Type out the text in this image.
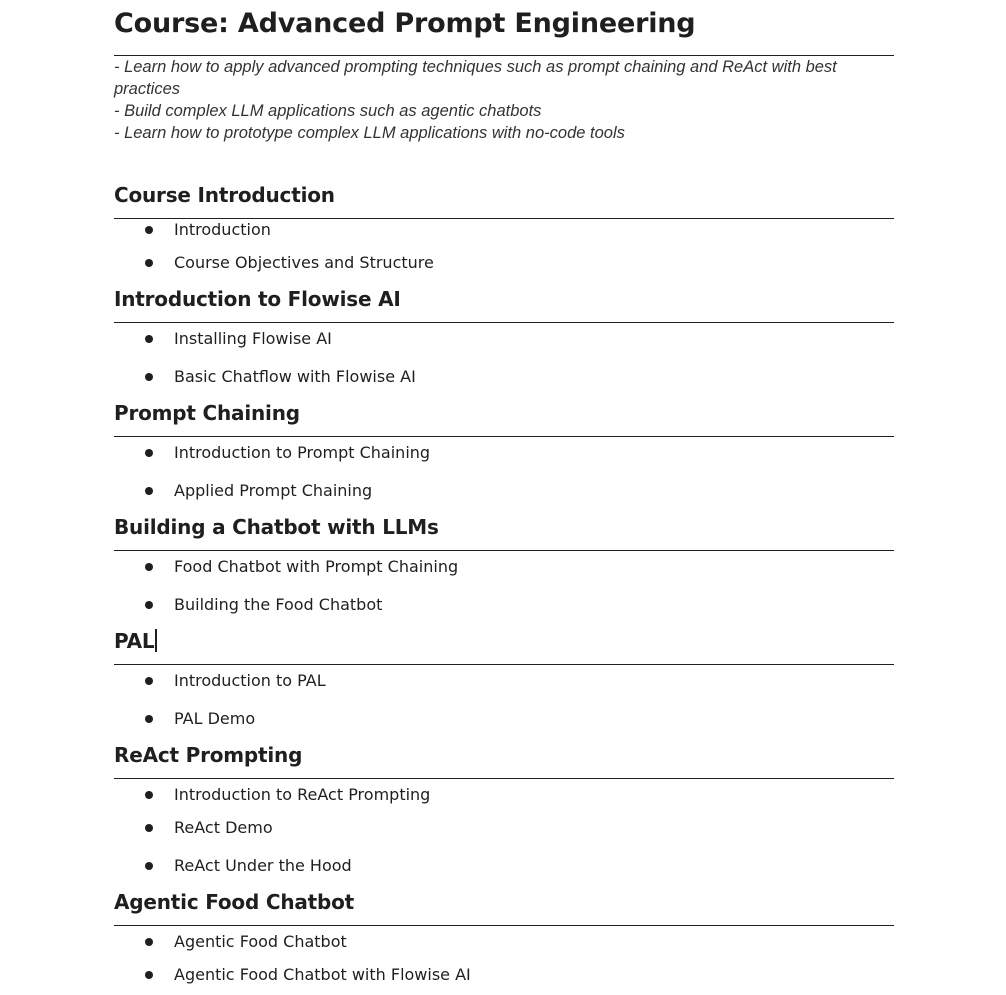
Course: Advanced Prompt Engineering
- Learn how to apply advanced prompting techniques such as prompt chaining and ReAct with best
practices
- Build complex LLM applications such as agentic chatbots
- Learn how to prototype complex LLM applications with no-code tools
Course Introduction
Introduction
Course Objectives and Structure
Introduction to Flowise AI
Installing Flowise AI
Basic Chatflow with Flowise AI
Prompt Chaining
Introduction to Prompt Chaining
Applied Prompt Chaining
Building a Chatbot with LLMs
Food Chatbot with Prompt Chaining
Building the Food Chatbot
PAL
Introduction to PAL
PAL Demo
ReAct Prompting
Introduction to ReAct Prompting
ReAct Demo
ReAct Under the Hood
Agentic Food Chatbot
Agentic Food Chatbot
Agentic Food Chatbot with Flowise AI
